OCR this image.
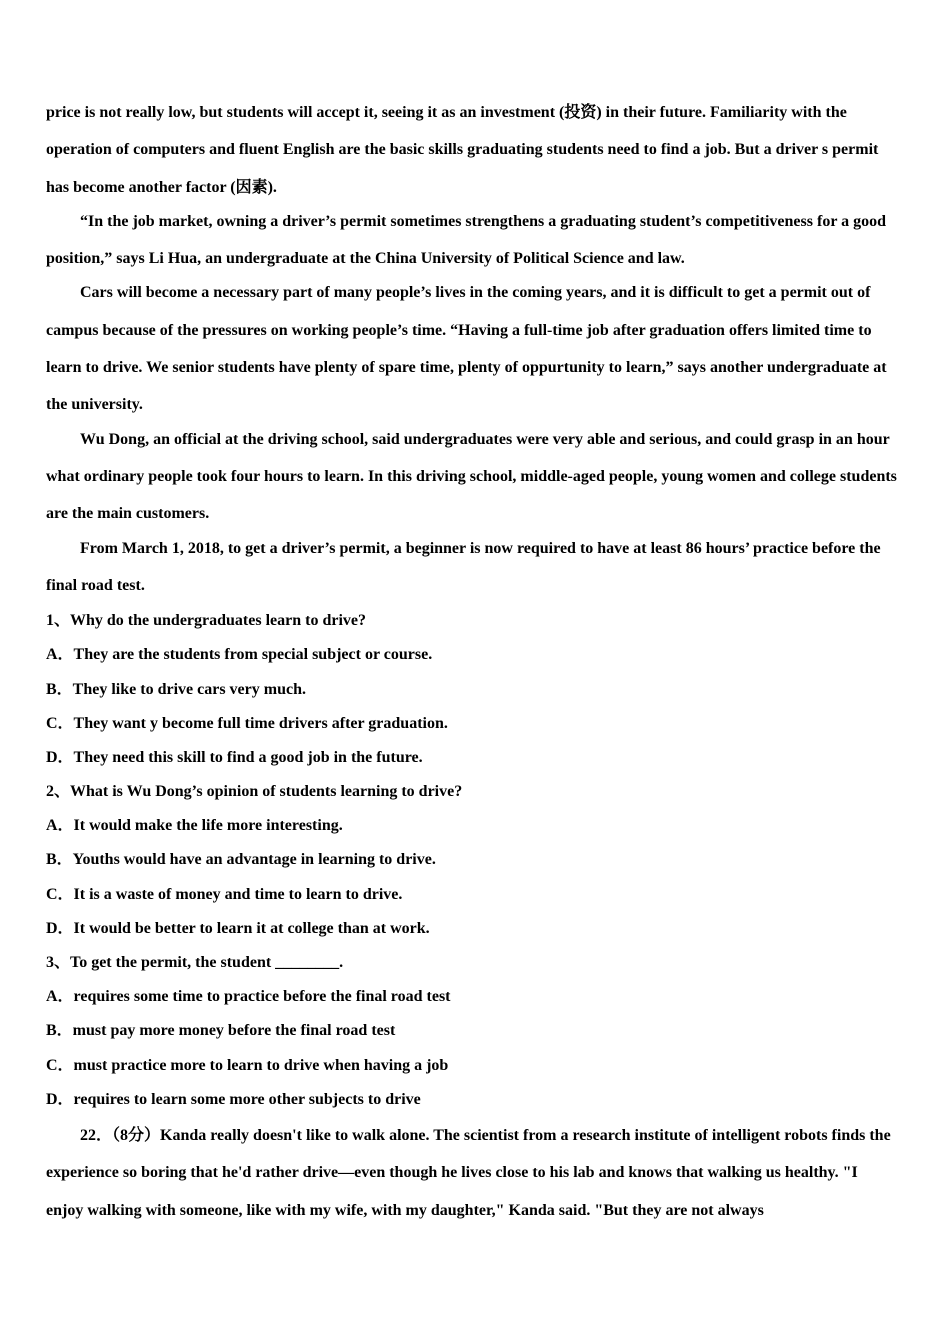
price is not really low, but students will accept it, seeing it as an investment (投资) in their future. Familiarity with the operation of computers and fluent English are the basic skills graduating students need to find a job. But a driver s permit has become another factor (因素).

“In the job market, owning a driver’s permit sometimes strengthens a graduating student’s competitiveness for a good position,” says Li Hua, an undergraduate at the China University of Political Science and law.

Cars will become a necessary part of many people’s lives in the coming years, and it is difficult to get a permit out of campus because of the pressures on working people’s time. “Having a full-time job after graduation offers limited time to learn to drive. We senior students have plenty of spare time, plenty of oppurtunity to learn,” says another undergraduate at the university.

Wu Dong, an official at the driving school, said undergraduates were very able and serious, and could grasp in an hour what ordinary people took four hours to learn. In this driving school, middle-aged people, young women and college students are the main customers.

From March 1, 2018, to get a driver’s permit, a beginner is now required to have at least 86 hours’ practice before the final road test.

1、Why do the undergraduates learn to drive?

A．They are the students from special subject or course.

B．They like to drive cars very much.

C．They want y become full time drivers after graduation.

D．They need this skill to find a good job in the future.

2、What is Wu Dong’s opinion of students learning to drive?

A．It would make the life more interesting.

B．Youths would have an advantage in learning to drive.

C．It is a waste of money and time to learn to drive.

D．It would be better to learn it at college than at work.

3、To get the permit, the student ________.

A．requires some time to practice before the final road test

B．must pay more money before the final road test

C．must practice more to learn to drive when having a job

D．requires to learn some more other subjects to drive

22．（8分）Kanda really doesn't like to walk alone. The scientist from a research institute of intelligent robots finds the experience so boring that he'd rather drive—even though he lives close to his lab and knows that walking us healthy. "I enjoy walking with someone, like with my wife, with my daughter," Kanda said. "But they are not always
